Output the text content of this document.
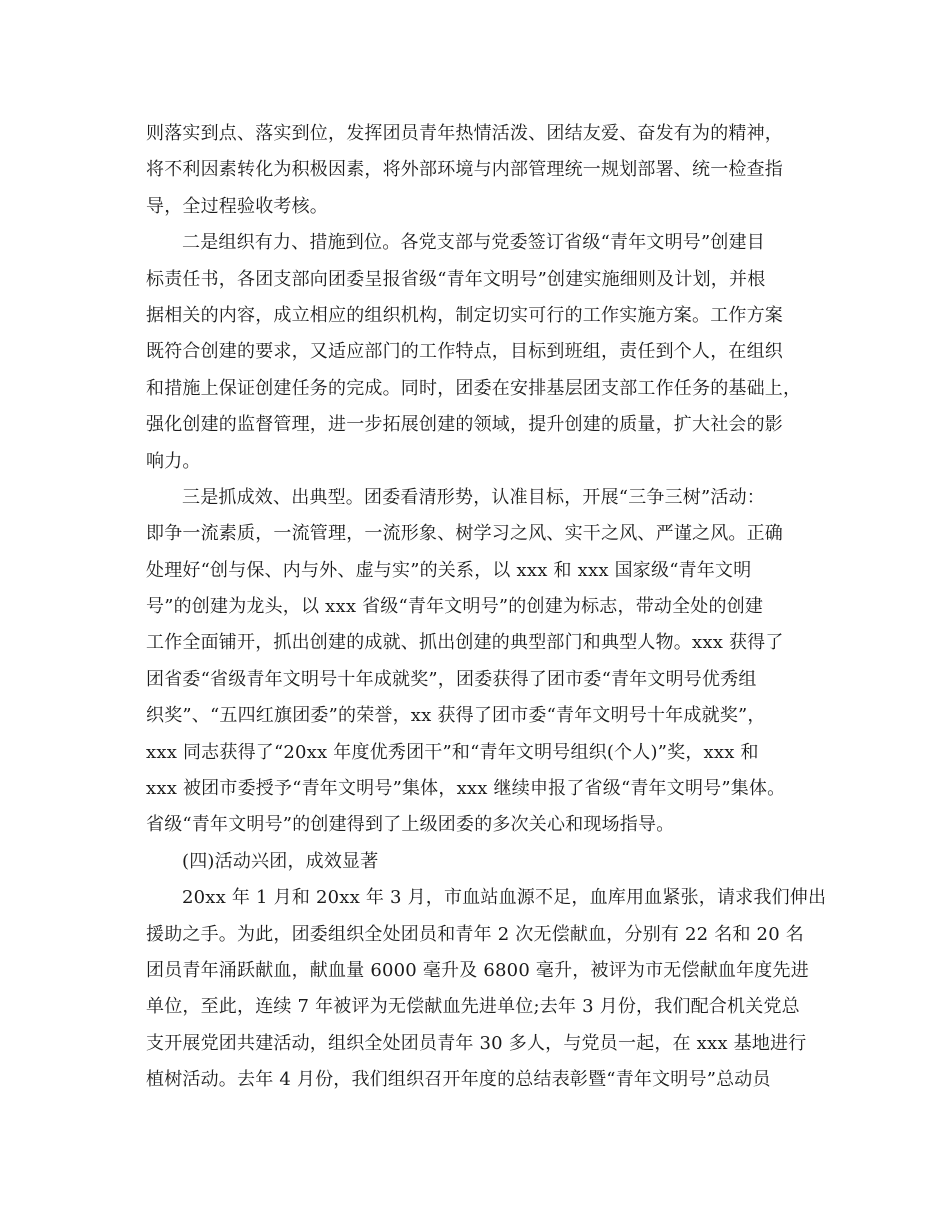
则落实到点、落实到位，发挥团员青年热情活泼、团结友爱、奋发有为的精神，
将不利因素转化为积极因素，将外部环境与内部管理统一规划部署、统一检查指
导，全过程验收考核。
二是组织有力、措施到位。各党支部与党委签订省级“青年文明号”创建目
标责任书，各团支部向团委呈报省级“青年文明号”创建实施细则及计划，并根
据相关的内容，成立相应的组织机构，制定切实可行的工作实施方案。工作方案
既符合创建的要求，又适应部门的工作特点，目标到班组，责任到个人，在组织
和措施上保证创建任务的完成。同时，团委在安排基层团支部工作任务的基础上，
强化创建的监督管理，进一步拓展创建的领域，提升创建的质量，扩大社会的影
响力。
三是抓成效、出典型。团委看清形势，认准目标，开展“三争三树”活动：
即争一流素质，一流管理，一流形象、树学习之风、实干之风、严谨之风。正确
处理好“创与保、内与外、虚与实”的关系，以 xxx 和 xxx 国家级“青年文明
号”的创建为龙头，以 xxx 省级“青年文明号”的创建为标志，带动全处的创建
工作全面铺开，抓出创建的成就、抓出创建的典型部门和典型人物。xxx 获得了
团省委“省级青年文明号十年成就奖”，团委获得了团市委“青年文明号优秀组
织奖”、“五四红旗团委”的荣誉，xx 获得了团市委“青年文明号十年成就奖”，
xxx 同志获得了“20xx 年度优秀团干”和“青年文明号组织(个人)”奖，xxx 和
xxx 被团市委授予“青年文明号”集体，xxx 继续申报了省级“青年文明号”集体。
省级“青年文明号”的创建得到了上级团委的多次关心和现场指导。
(四)活动兴团，成效显著
20xx 年 1 月和 20xx 年 3 月，市血站血源不足，血库用血紧张，请求我们伸出
援助之手。为此，团委组织全处团员和青年 2 次无偿献血，分别有 22 名和 20 名
团员青年涌跃献血，献血量 6000 毫升及 6800 毫升，被评为市无偿献血年度先进
单位，至此，连续 7 年被评为无偿献血先进单位;去年 3 月份，我们配合机关党总
支开展党团共建活动，组织全处团员青年 30 多人，与党员一起，在 xxx 基地进行
植树活动。去年 4 月份，我们组织召开年度的总结表彰暨“青年文明号”总动员
